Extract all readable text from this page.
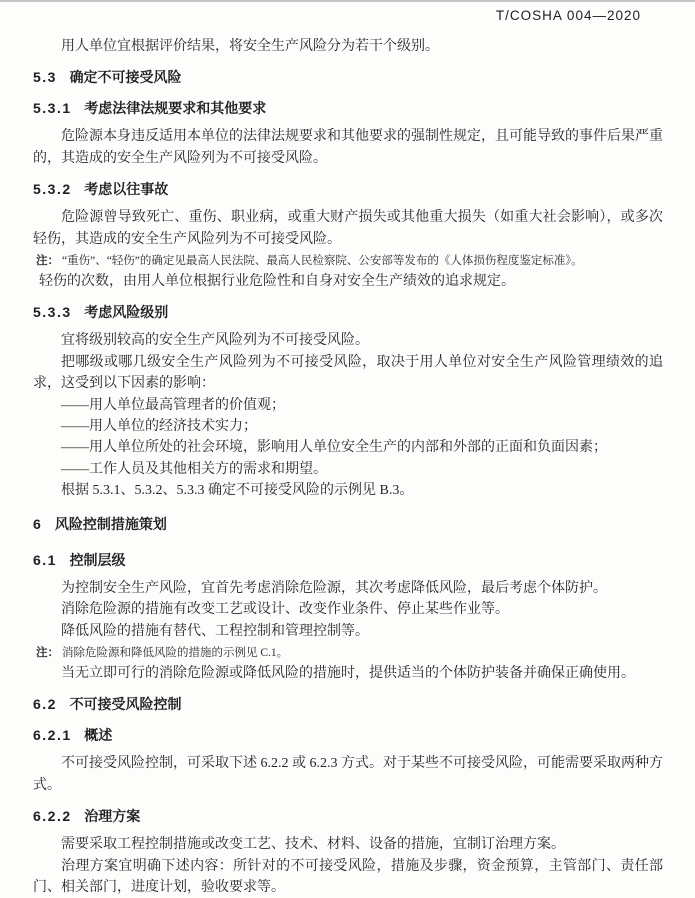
T/COSHA 004—2020

用人单位宜根据评价结果，将安全生产风险分为若干个级别。

5.3 确定不可接受风险
5.3.1 考虑法律法规要求和其他要求

危险源本身违反适用本单位的法律法规要求和其他要求的强制性规定，且可能导致的事件后果严重的，其造成的安全生产风险列为不可接受风险。

5.3.2 考虑以往事故

危险源曾导致死亡、重伤、职业病，或重大财产损失或其他重大损失（如重大社会影响），或多次轻伤，其造成的安全生产风险列为不可接受风险。

注： “重伤”、“轻伤”的确定见最高人民法院、最高人民检察院、公安部等发布的《人体损伤程度鉴定标准》。

轻伤的次数，由用人单位根据行业危险性和自身对安全生产绩效的追求规定。

5.3.3 考虑风险级别

宜将级别较高的安全生产风险列为不可接受风险。

把哪级或哪几级安全生产风险列为不可接受风险，取决于用人单位对安全生产风险管理绩效的追求，这受到以下因素的影响：

——用人单位最高管理者的价值观；

——用人单位的经济技术实力；

——用人单位所处的社会环境，影响用人单位安全生产的内部和外部的正面和负面因素；

——工作人员及其他相关方的需求和期望。

根据 5.3.1、5.3.2、5.3.3 确定不可接受风险的示例见 B.3。

6 风险控制措施策划
6.1 控制层级

为控制安全生产风险，宜首先考虑消除危险源，其次考虑降低风险，最后考虑个体防护。

消除危险源的措施有改变工艺或设计、改变作业条件、停止某些作业等。

降低风险的措施有替代、工程控制和管理控制等。

注： 消除危险源和降低风险的措施的示例见 C.1。

当无立即可行的消除危险源或降低风险的措施时，提供适当的个体防护装备并确保正确使用。

6.2 不可接受风险控制
6.2.1 概述

不可接受风险控制，可采取下述 6.2.2 或 6.2.3 方式。对于某些不可接受风险，可能需要采取两种方式。

6.2.2 治理方案

需要采取工程控制措施或改变工艺、技术、材料、设备的措施，宜制订治理方案。

治理方案宜明确下述内容：所针对的不可接受风险，措施及步骤，资金预算，主管部门、责任部门、相关部门，进度计划，验收要求等。
